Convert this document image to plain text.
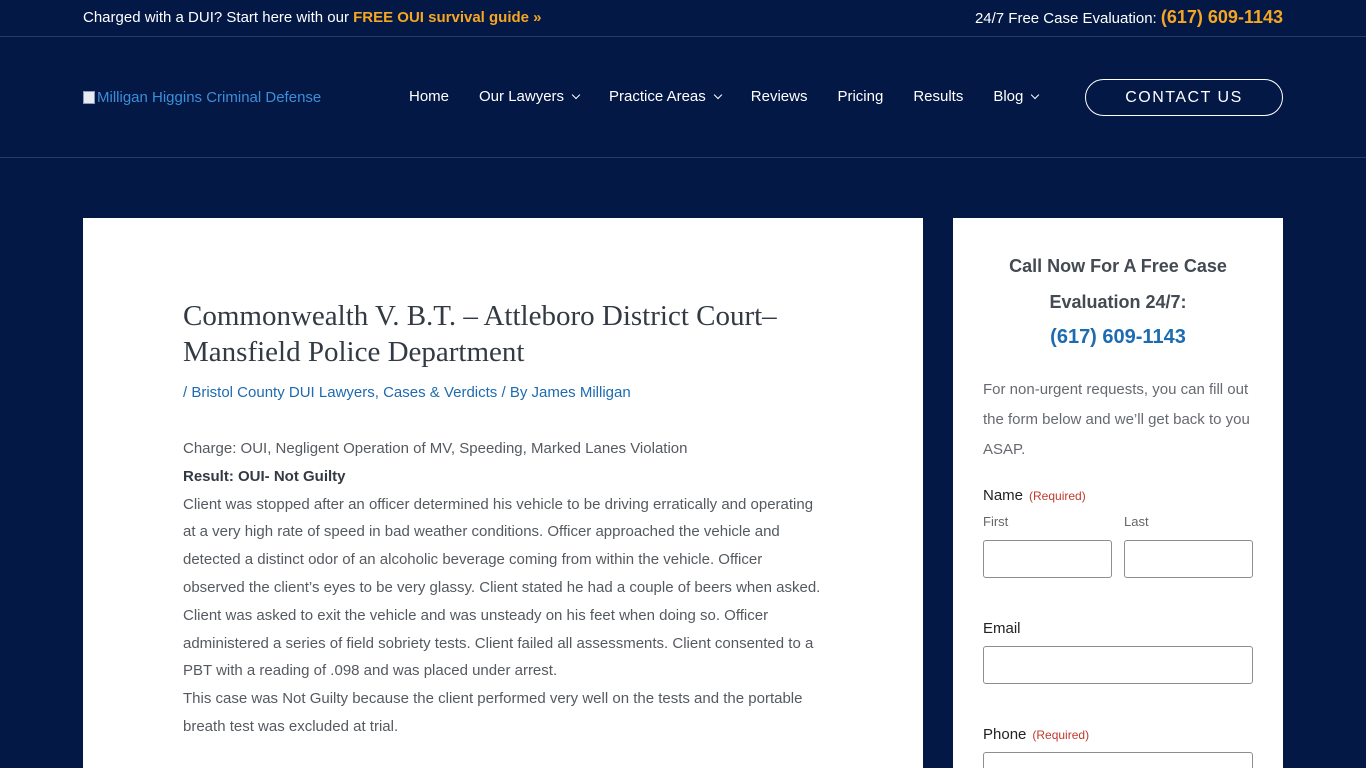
Charged with a DUI? Start here with our FREE OUI survival guide »	24/7 Free Case Evaluation: (617) 609-1143
Milligan Higgins Criminal Defense	Home Our Lawyers	Practice Areas	Reviews Pricing Results Blog	CONTACT US
Commonwealth V. B.T. – Attleboro District Court– Mansfield Police Department
/ Bristol County DUI Lawyers, Cases & Verdicts / By James Milligan
Charge: OUI, Negligent Operation of MV, Speeding, Marked Lanes Violation
Result: OUI- Not Guilty
Client was stopped after an officer determined his vehicle to be driving erratically and operating at a very high rate of speed in bad weather conditions. Officer approached the vehicle and detected a distinct odor of an alcoholic beverage coming from within the vehicle. Officer observed the client’s eyes to be very glassy. Client stated he had a couple of beers when asked. Client was asked to exit the vehicle and was unsteady on his feet when doing so. Officer administered a series of field sobriety tests. Client failed all assessments. Client consented to a PBT with a reading of .098 and was placed under arrest.
This case was Not Guilty because the client performed very well on the tests and the portable breath test was excluded at trial.
Call Now For A Free Case Evaluation 24/7:
(617) 609-1143
For non-urgent requests, you can fill out the form below and we’ll get back to you ASAP.
Name (Required)
First	Last
Email
Phone (Required)
